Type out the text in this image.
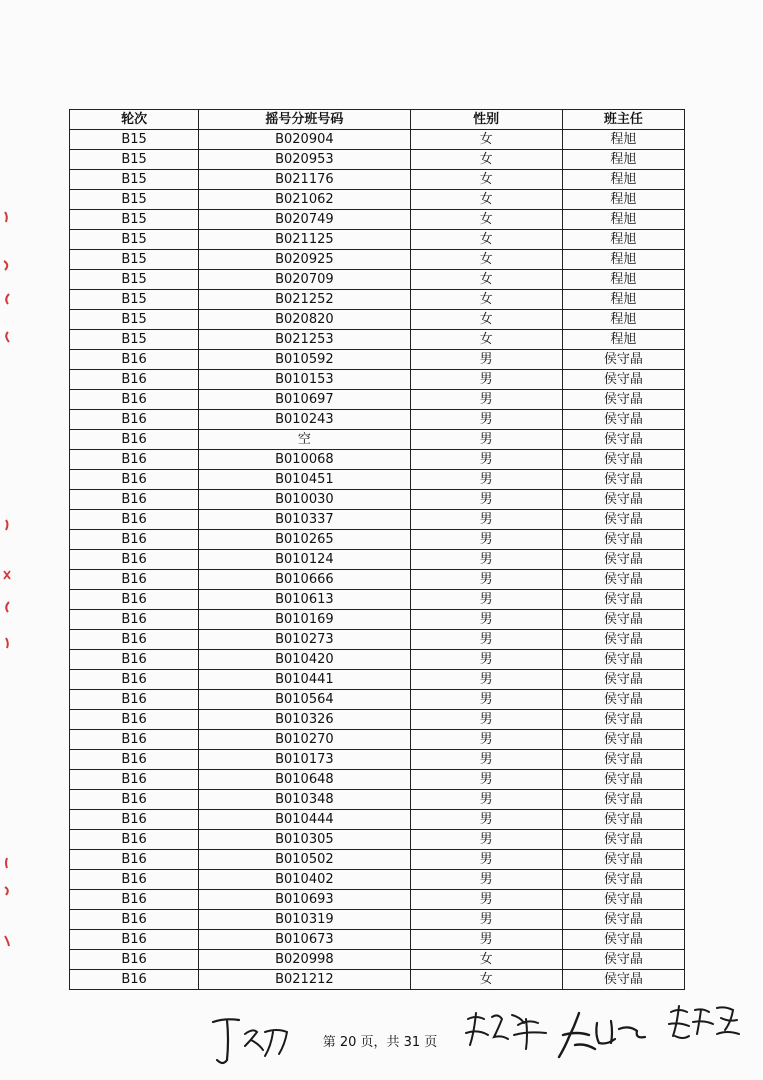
轮次	摇号分班号码	性别	班主任
B15	B020904	女	程旭
B15	B020953	女	程旭
B15	B021176	女	程旭
B15	B021062	女	程旭
B15	B020749	女	程旭
B15	B021125	女	程旭
B15	B020925	女	程旭
B15	B020709	女	程旭
B15	B021252	女	程旭
B15	B020820	女	程旭
B15	B021253	女	程旭
B16	B010592	男	侯守晶
B16	B010153	男	侯守晶
B16	B010697	男	侯守晶
B16	B010243	男	侯守晶
B16	空	男	侯守晶
B16	B010068	男	侯守晶
B16	B010451	男	侯守晶
B16	B010030	男	侯守晶
B16	B010337	男	侯守晶
B16	B010265	男	侯守晶
B16	B010124	男	侯守晶
B16	B010666	男	侯守晶
B16	B010613	男	侯守晶
B16	B010169	男	侯守晶
B16	B010273	男	侯守晶
B16	B010420	男	侯守晶
B16	B010441	男	侯守晶
B16	B010564	男	侯守晶
B16	B010326	男	侯守晶
B16	B010270	男	侯守晶
B16	B010173	男	侯守晶
B16	B010648	男	侯守晶
B16	B010348	男	侯守晶
B16	B010444	男	侯守晶
B16	B010305	男	侯守晶
B16	B010502	男	侯守晶
B16	B010402	男	侯守晶
B16	B010693	男	侯守晶
B16	B010319	男	侯守晶
B16	B010673	男	侯守晶
B16	B020998	女	侯守晶
B16	B021212	女	侯守晶
第 20 页，共 31 页
